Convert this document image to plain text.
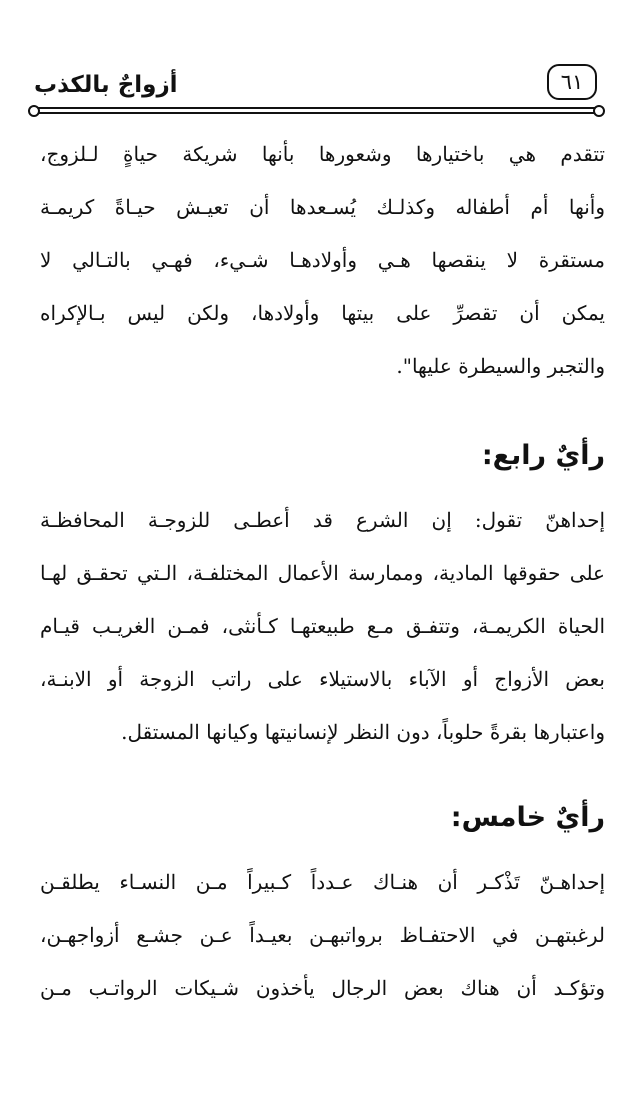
٦١
أزواجٌ بالكذب
تتقدم هي باختيارها وشعورها بأنها شريكة حياةٍ لـلزوج،
وأنها أم أطفاله وكذلـك يُسـعدها أن تعيـش حيـاةً كريمـة
مستقرة لا ينقصها هـي وأولادهـا شـيء، فهـي بالتـالي لا
يمكن أن تقصرِّ على بيتها وأولادها، ولكن ليس بـالإكراه
والتجبر والسيطرة عليها".
رأيٌ رابع:
إحداهنّ تقول: إن الشرع قد أعطـى للزوجـة المحافظـة
على حقوقها المادية، وممارسة الأعمال المختلفـة، الـتي تحقـق لهـا
الحياة الكريمـة، وتتفـق مـع طبيعتهـا كـأنثى، فمـن الغريـب قيـام
بعض الأزواج أو الآباء بالاستيلاء على راتب الزوجة أو الابنـة،
واعتبارها بقرةً حلوباً، دون النظر لإنسانيتها وكيانها المستقل.
رأيٌ خامس:
إحداهـنّ تَذْكـر أن هنـاك عـدداً كـبيراً مـن النسـاء يطلقـن
لرغبتهـن في الاحتفـاظ برواتبهـن بعيـداً عـن جشـع أزواجهـن،
وتؤكـد أن هناك بعض الرجال يأخذون شـيكات الرواتـب مـن
